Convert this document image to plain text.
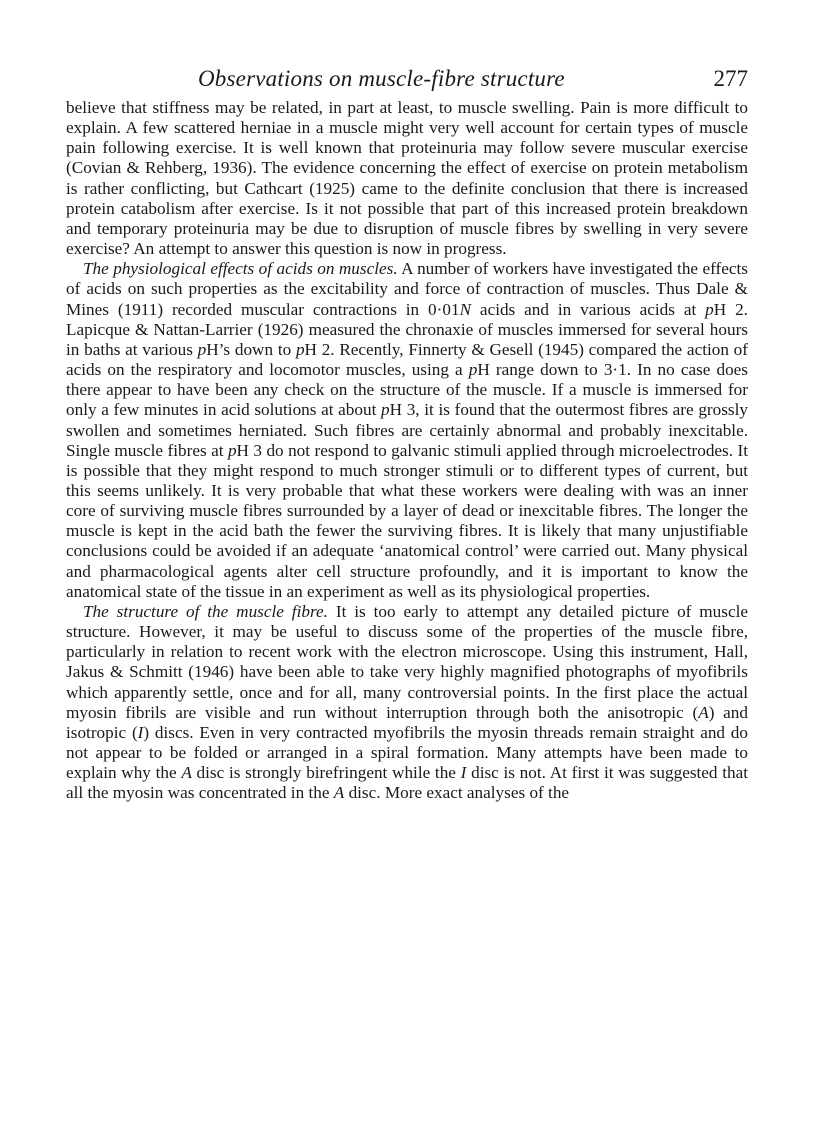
Observations on muscle-fibre structure	277

believe that stiffness may be related, in part at least, to muscle swelling. Pain is more difficult to explain. A few scattered herniae in a muscle might very well account for certain types of muscle pain following exercise. It is well known that proteinuria may follow severe muscular exercise (Covian & Rehberg, 1936). The evidence concerning the effect of exercise on protein metabolism is rather conflicting, but Cathcart (1925) came to the definite conclusion that there is increased protein catabolism after exercise. Is it not possible that part of this increased protein breakdown and temporary proteinuria may be due to disruption of muscle fibres by swelling in very severe exercise? An attempt to answer this question is now in progress.

The physiological effects of acids on muscles. A number of workers have investigated the effects of acids on such properties as the excitability and force of contraction of muscles. Thus Dale & Mines (1911) recorded muscular contractions in 0·01N acids and in various acids at pH 2. Lapicque & Nattan-Larrier (1926) measured the chronaxie of muscles immersed for several hours in baths at various pH’s down to pH 2. Recently, Finnerty & Gesell (1945) compared the action of acids on the respiratory and locomotor muscles, using a pH range down to 3·1. In no case does there appear to have been any check on the structure of the muscle. If a muscle is immersed for only a few minutes in acid solutions at about pH 3, it is found that the outermost fibres are grossly swollen and sometimes herniated. Such fibres are certainly abnormal and probably inexcitable. Single muscle fibres at pH 3 do not respond to galvanic stimuli applied through microelectrodes. It is possible that they might respond to much stronger stimuli or to different types of current, but this seems unlikely. It is very probable that what these workers were dealing with was an inner core of surviving muscle fibres surrounded by a layer of dead or inexcitable fibres. The longer the muscle is kept in the acid bath the fewer the surviving fibres. It is likely that many unjustifiable conclusions could be avoided if an adequate ‘anatomical control’ were carried out. Many physical and pharmacological agents alter cell structure profoundly, and it is important to know the anatomical state of the tissue in an experiment as well as its physiological properties.

The structure of the muscle fibre. It is too early to attempt any detailed picture of muscle structure. However, it may be useful to discuss some of the properties of the muscle fibre, particularly in relation to recent work with the electron microscope. Using this instrument, Hall, Jakus & Schmitt (1946) have been able to take very highly magnified photographs of myofibrils which apparently settle, once and for all, many controversial points. In the first place the actual myosin fibrils are visible and run without interruption through both the anisotropic (A) and isotropic (I) discs. Even in very contracted myofibrils the myosin threads remain straight and do not appear to be folded or arranged in a spiral formation. Many attempts have been made to explain why the A disc is strongly birefringent while the I disc is not. At first it was suggested that all the myosin was concentrated in the A disc. More exact analyses of the
